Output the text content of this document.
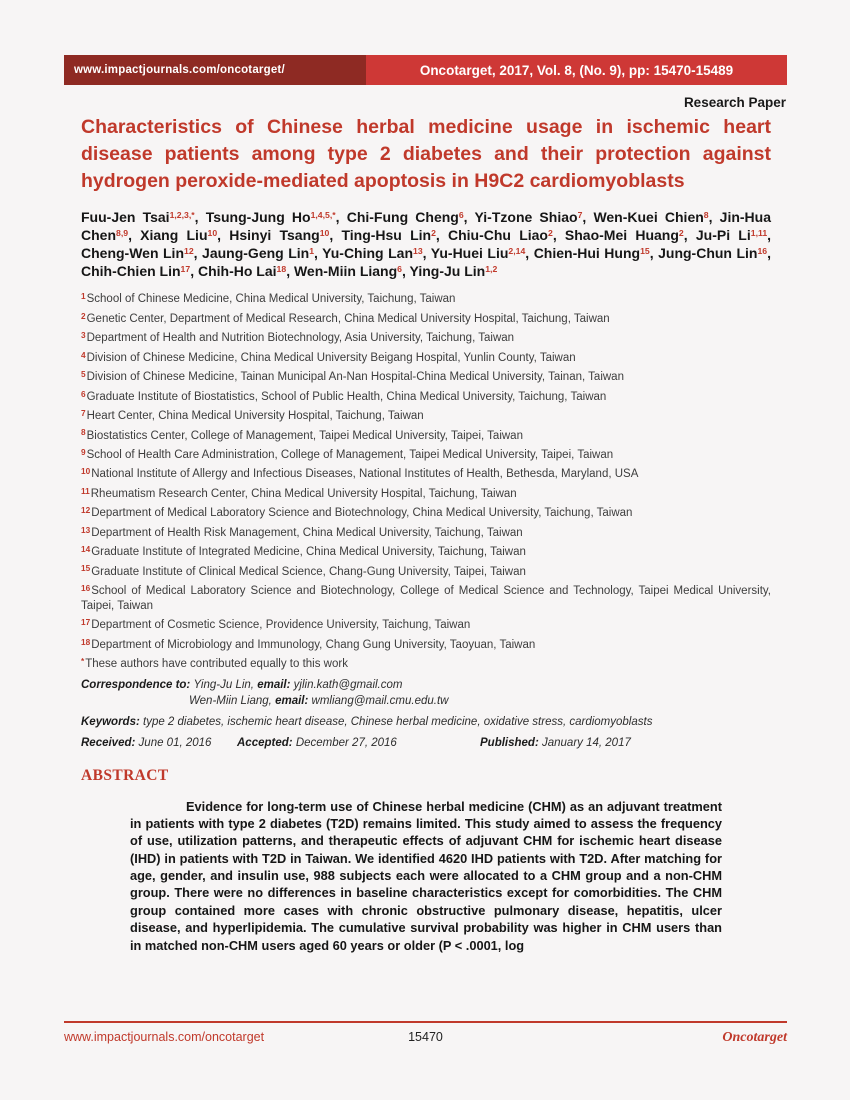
www.impactjournals.com/oncotarget/	Oncotarget, 2017, Vol. 8, (No. 9), pp: 15470-15489
Research Paper

Characteristics of Chinese herbal medicine usage in ischemic heart disease patients among type 2 diabetes and their protection against hydrogen peroxide-mediated apoptosis in H9C2 cardiomyoblasts

Fuu-Jen Tsai$^{1,2,3,*}$, Tsung-Jung $Ho^{1,4,5,*}$, Chi-Fung Cheng$^6$, Yi-Tzone Shiao$^7$, Wen-Kuei Chien$^8$, Jin-Hua Chen$^{8,9}$, Xiang Liu$^{10}$, Hsinyi Tsang$^{10}$, Ting-Hsu Lin$^2$, Chiu-Chu Liao$^2$, Shao-Mei Huang$^2$, Ju-Pi Li$^{1,11}$, Cheng-Wen Lin$^{12}$, Jaung-Geng Lin$^1$, Yu-Ching Lan$^{13}$, Yu-Huei Liu$^{2,14}$, Chien-Hui Hung$^{15}$, Jung-Chun Lin$^{16}$, Chih-Chien Lin$^{17}$, Chih-Ho Lai$^{18}$, Wen-Miin Liang$^6$, Ying-Ju Lin$^{1,2}$

$^1$School of Chinese Medicine, China Medical University, Taichung, Taiwan
$^2$Genetic Center, Department of Medical Research, China Medical University Hospital, Taichung, Taiwan
$^3$Department of Health and Nutrition Biotechnology, Asia University, Taichung, Taiwan
$^4$Division of Chinese Medicine, China Medical University Beigang Hospital, Yunlin County, Taiwan
$^5$Division of Chinese Medicine, Tainan Municipal An-Nan Hospital-China Medical University, Tainan, Taiwan
$^6$Graduate Institute of Biostatistics, School of Public Health, China Medical University, Taichung, Taiwan
$^7$Heart Center, China Medical University Hospital, Taichung, Taiwan
$^8$Biostatistics Center, College of Management, Taipei Medical University, Taipei, Taiwan
$^9$School of Health Care Administration, College of Management, Taipei Medical University, Taipei, Taiwan
$^{10}$National Institute of Allergy and Infectious Diseases, National Institutes of Health, Bethesda, Maryland, USA
$^{11}$Rheumatism Research Center, China Medical University Hospital, Taichung, Taiwan
$^{12}$Department of Medical Laboratory Science and Biotechnology, China Medical University, Taichung, Taiwan
$^{13}$Department of Health Risk Management, China Medical University, Taichung, Taiwan
$^{14}$Graduate Institute of Integrated Medicine, China Medical University, Taichung, Taiwan
$^{15}$Graduate Institute of Clinical Medical Science, Chang-Gung University, Taipei, Taiwan
$^{16}$School of Medical Laboratory Science and Biotechnology, College of Medical Science and Technology, Taipei Medical University, Taipei, Taiwan
$^{17}$Department of Cosmetic Science, Providence University, Taichung, Taiwan
$^{18}$Department of Microbiology and Immunology, Chang Gung University, Taoyuan, Taiwan
*These authors have contributed equally to this work
Correspondence to: Ying-Ju Lin, email: yjlin.kath@gmail.com
Wen-Miin Liang, email: wmliang@mail.cmu.edu.tw
Keywords: type 2 diabetes, ischemic heart disease, Chinese herbal medicine, oxidative stress, cardiomyoblasts
Received: June 01, 2016	Accepted: December 27, 2016	Published: January 14, 2017
ABSTRACT

Evidence for long-term use of Chinese herbal medicine (CHM) as an adjuvant treatment in patients with type 2 diabetes (T2D) remains limited. This study aimed to assess the frequency of use, utilization patterns, and therapeutic effects of adjuvant CHM for ischemic heart disease (IHD) in patients with T2D in Taiwan. We identified 4620 IHD patients with T2D. After matching for age, gender, and insulin use, 988 subjects each were allocated to a CHM group and a non-CHM group. There were no differences in baseline characteristics except for comorbidities. The CHM group contained more cases with chronic obstructive pulmonary disease, hepatitis, ulcer disease, and hyperlipidemia. The cumulative survival probability was higher in CHM users than in matched non-CHM users aged 60 years or older (P < .0001, log

www.impactjournals.com/oncotarget	15470	Oncotarget
